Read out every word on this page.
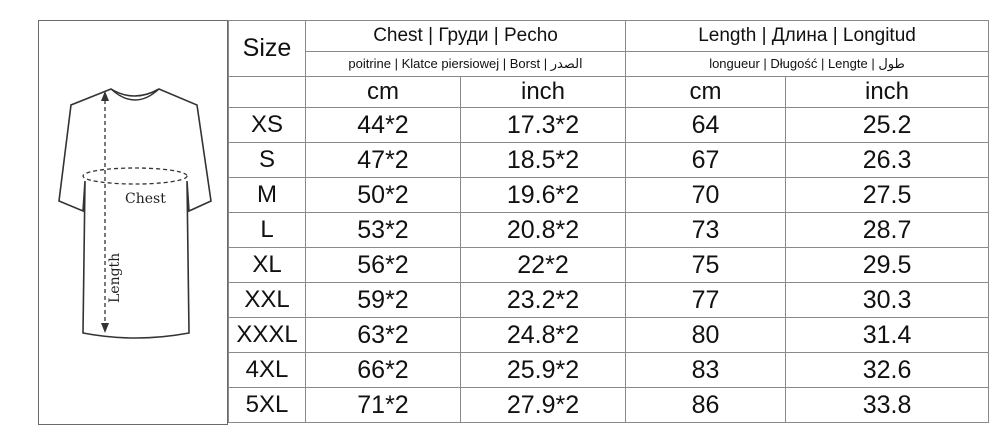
Chest
Length
Size	Chest | Груди | Pecho		Length | Длина | Longitud	
	poitrine | Klatce piersiowej | Borst | الصدر		longueur | Długość | Lengte | طول	
	cm	inch	cm	inch
XS	44*2	17.3*2	64	25.2
S	47*2	18.5*2	67	26.3
M	50*2	19.6*2	70	27.5
L	53*2	20.8*2	73	28.7
XL	56*2	22*2	75	29.5
XXL	59*2	23.2*2	77	30.3
XXXL	63*2	24.8*2	80	31.4
4XL	66*2	25.9*2	83	32.6
5XL	71*2	27.9*2	86	33.8
